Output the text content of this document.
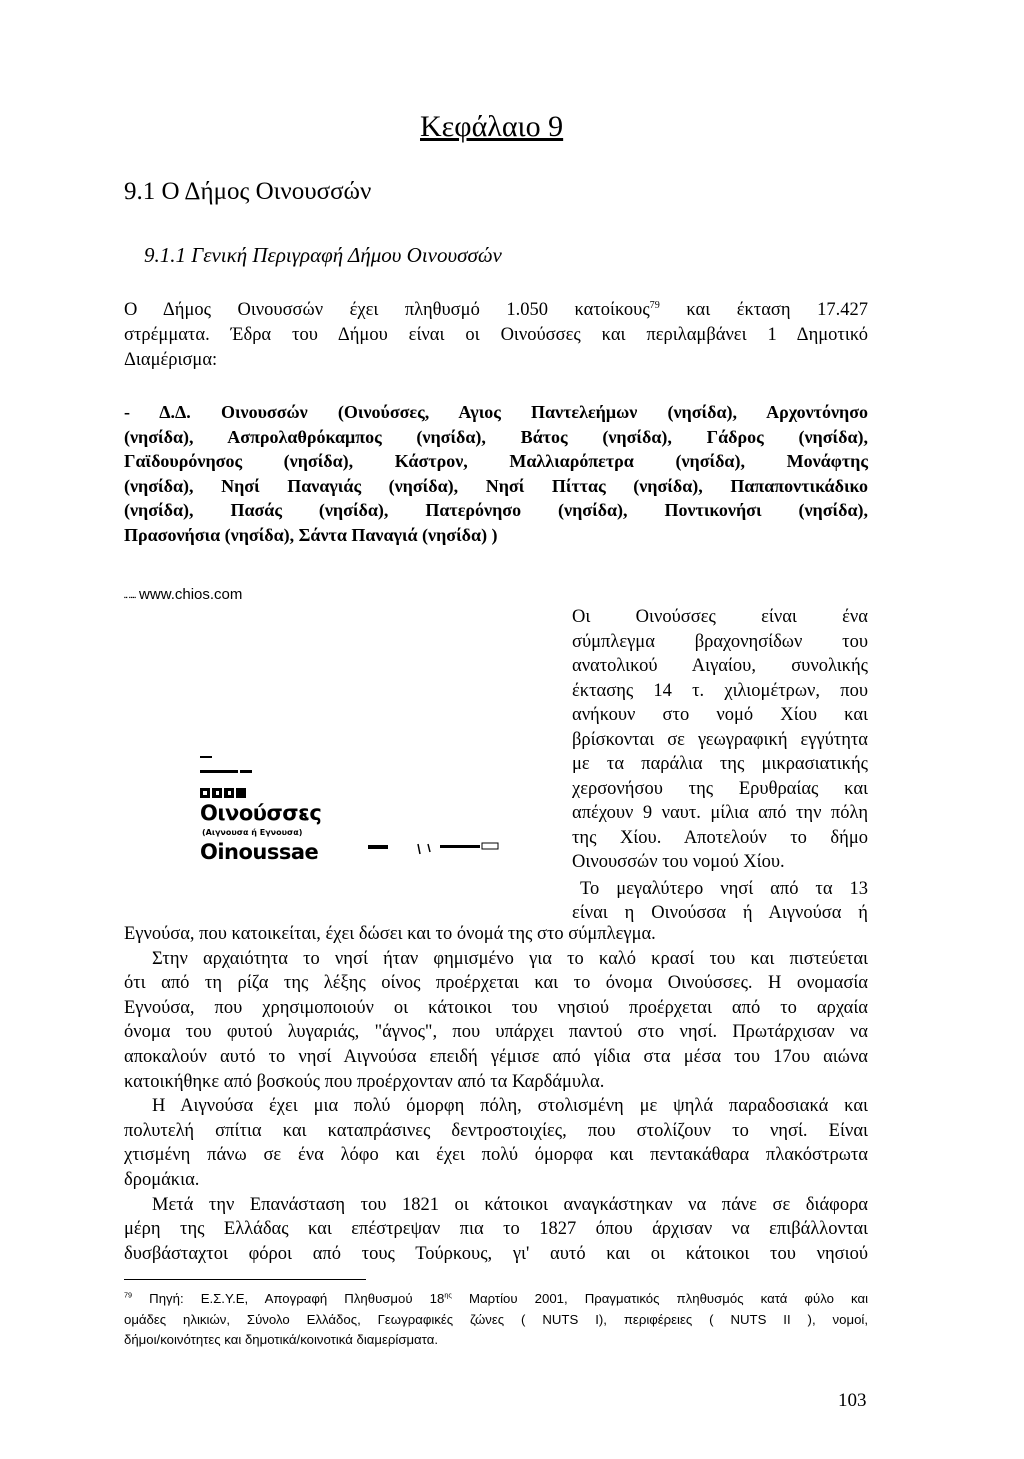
Κεφάλαιο 9
9.1 Ο Δήμος Οινουσσών
9.1.1 Γενική Περιγραφή Δήμου Οινουσσών
Ο Δήμος Οινουσσών έχει πληθυσμό 1.050 κατοίκους$^{79}$ και έκταση 17.427
στρέμματα. Έδρα του Δήμου είναι οι Οινούσσες και περιλαμβάνει 1 Δημοτικό
Διαμέρισμα:
- Δ.Δ. Οινουσσών (Οινούσσες, Αγιος Παντελεήμων (νησίδα), Αρχοντόνησο
(νησίδα), Ασπρολαθρόκαμπος (νησίδα), Βάτος (νησίδα), Γάδρος (νησίδα),
Γαϊδουρόνησος (νησίδα), Κάστρον, Μαλλιαρόπετρα (νησίδα), Μονάφτης
(νησίδα), Νησί Παναγιάς (νησίδα), Νησί Πίττας (νησίδα), Παπαποντικάδικο
(νησίδα), Πασάς (νησίδα), Πατερόνησο (νησίδα), Ποντικονήσι (νησίδα),
Πρασονήσια (νησίδα), Σάντα Παναγιά (νησίδα) )
▪▪ ▪▪▪▪ www.chios.com
Οινούσσες
(Αιγνουσα ή Εγνουσα)
Oinoussae
Οι Οινούσσες είναι ένα
σύμπλεγμα βραχονησίδων του
ανατολικού Αιγαίου, συνολικής
έκτασης 14 τ. χιλιομέτρων, που
ανήκουν στο νομό Χίου και
βρίσκονται σε γεωγραφική εγγύτητα
με τα παράλια της μικρασιατικής
χερσονήσου της Ερυθραίας και
απέχουν 9 ναυτ. μίλια από την πόλη
της Χίου. Αποτελούν το δήμο
Οινουσσών του νομού Χίου.
Το μεγαλύτερο νησί από τα 13
είναι η Οινούσσα ή Αιγνούσα ή
Εγνούσα, που κατοικείται, έχει δώσει και το όνομά της στο σύμπλεγμα.
Στην αρχαιότητα το νησί ήταν φημισμένο για το καλό κρασί του και πιστεύεται
ότι από τη ρίζα της λέξης οίνος προέρχεται και το όνομα Οινούσσες. Η ονομασία
Εγνούσα, που χρησιμοποιούν οι κάτοικοι του νησιού προέρχεται από το αρχαία
όνομα του φυτού λυγαριάς, "άγνος", που υπάρχει παντού στο νησί. Πρωτάρχισαν να
αποκαλούν αυτό το νησί Αιγνούσα επειδή γέμισε από γίδια στα μέσα του 17ου αιώνα
κατοικήθηκε από βοσκούς που προέρχονταν από τα Καρδάμυλα.
Η Αιγνούσα έχει μια πολύ όμορφη πόλη, στολισμένη με ψηλά παραδοσιακά και
πολυτελή σπίτια και καταπράσινες δεντροστοιχίες, που στολίζουν το νησί. Είναι
χτισμένη πάνω σε ένα λόφο και έχει πολύ όμορφα και πεντακάθαρα πλακόστρωτα
δρομάκια.
Μετά την Επανάσταση του 1821 οι κάτοικοι αναγκάστηκαν να πάνε σε διάφορα
μέρη της Ελλάδας και επέστρεψαν πια το 1827 όπου άρχισαν να επιβάλλονται
δυσβάσταχτοι φόροι από τους Τούρκους, γι' αυτό και οι κάτοικοι του νησιού
$^{79}$ Πηγή: Ε.Σ.Υ.Ε, Απογραφή Πληθυσμού $18^{\eta\varsigma}$ Μαρτίου 2001, Πραγματικός πληθυσμός κατά φύλο και
ομάδες ηλικιών, Σύνολο Ελλάδος, Γεωγραφικές ζώνες ( NUTS I), περιφέρειες ( NUTS II ), νομοί,
δήμοι/κοινότητες και δημοτικά/κοινοτικά διαμερίσματα.
103
